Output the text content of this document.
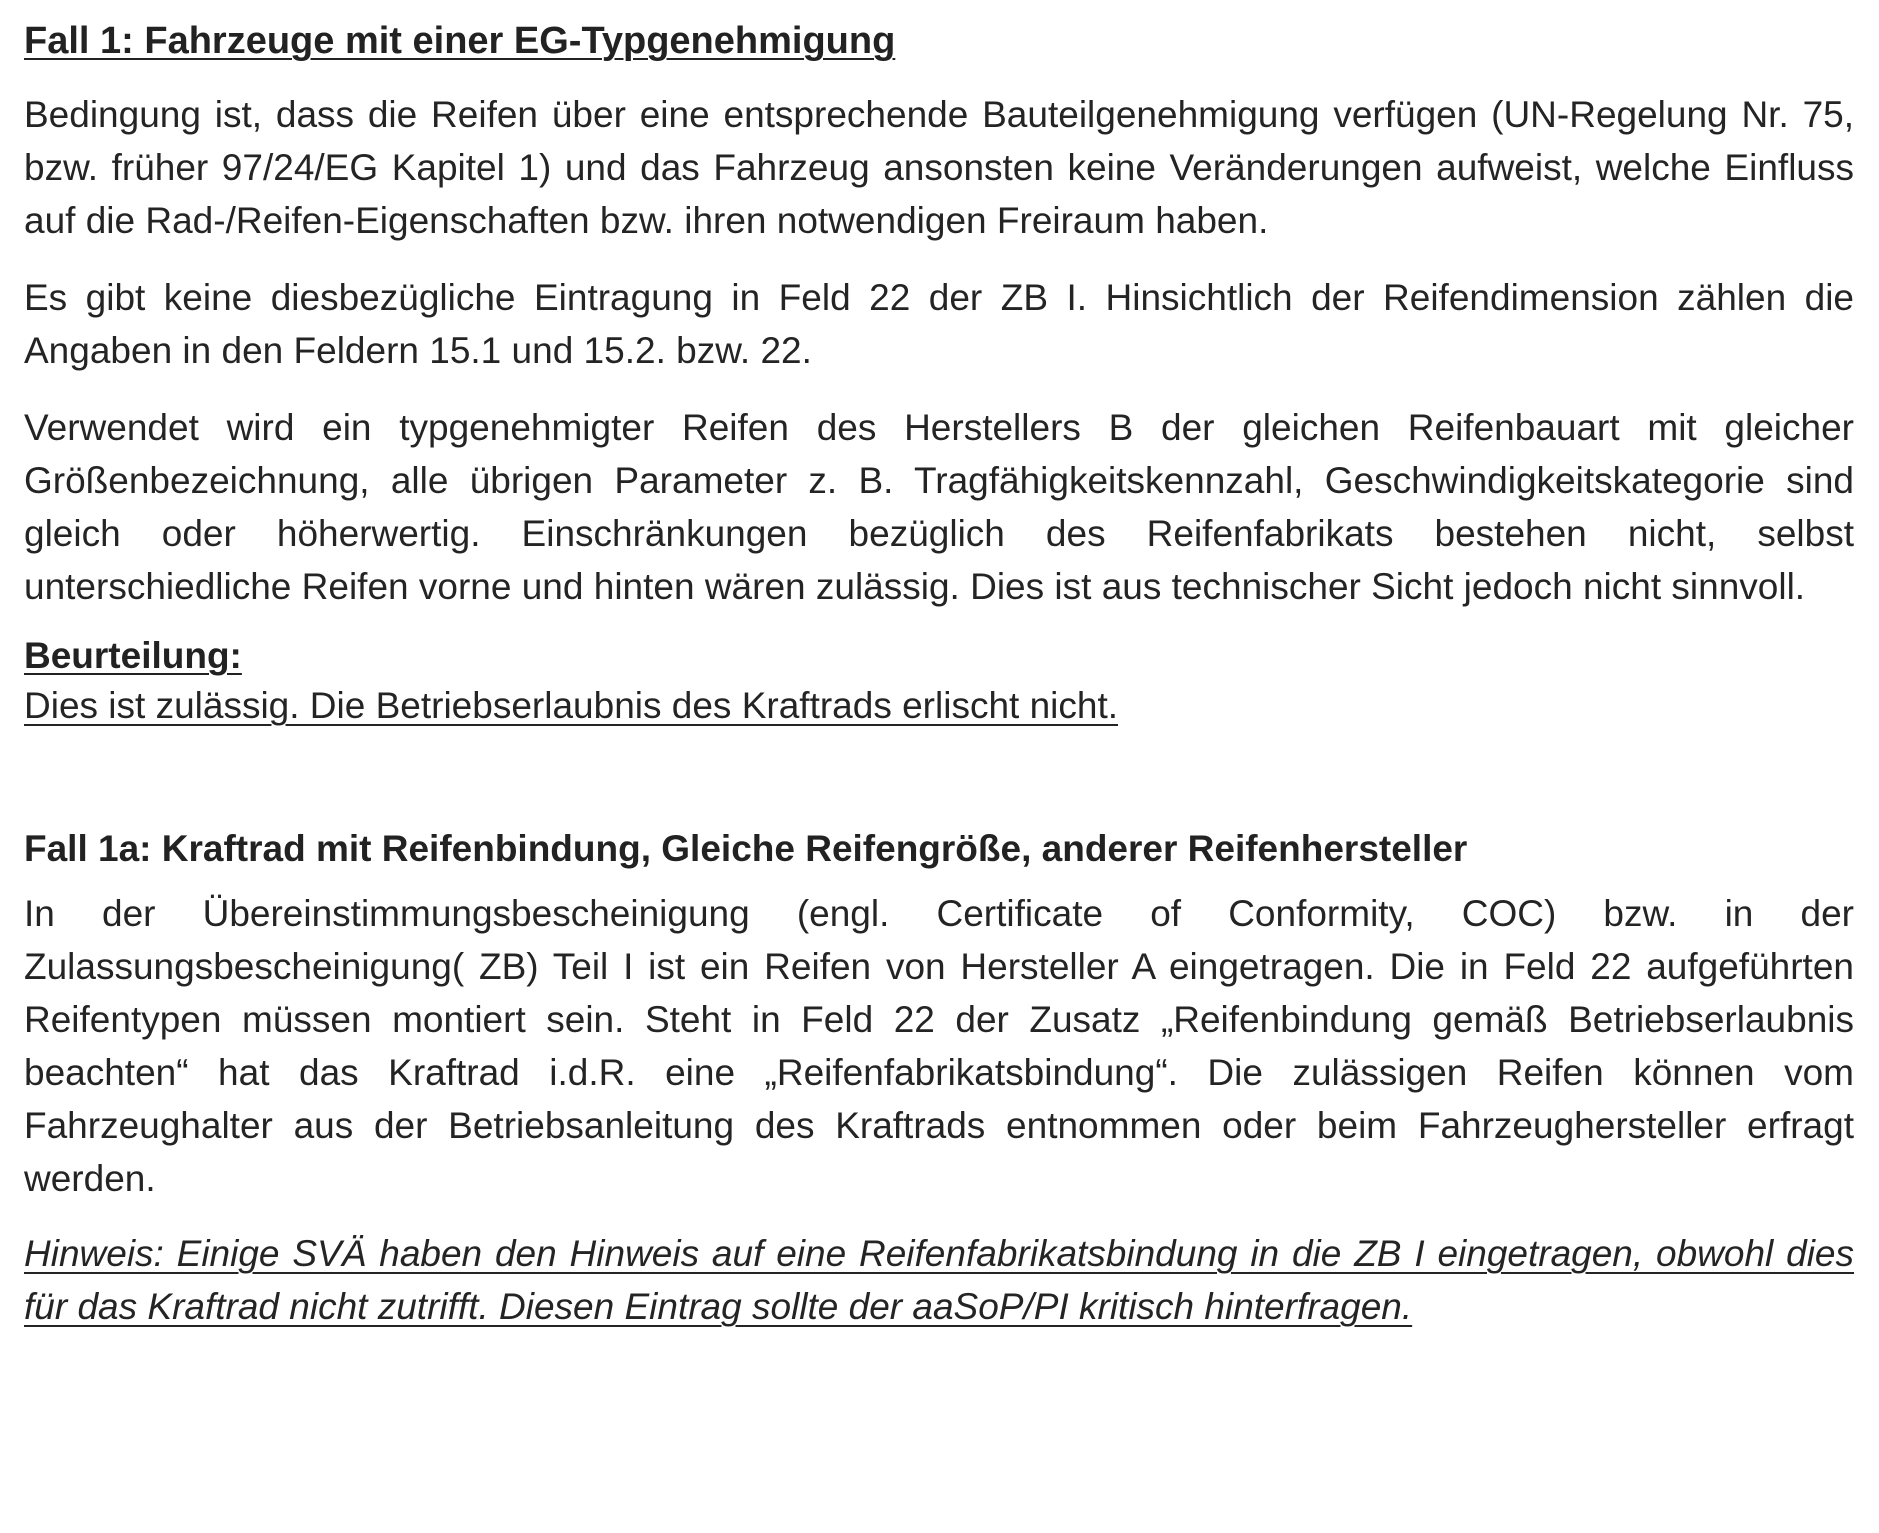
Fall 1: Fahrzeuge mit einer EG-Typgenehmigung

Bedingung ist, dass die Reifen über eine entsprechende Bauteilgenehmigung verfügen (UN-Regelung Nr. 75, bzw. früher 97/24/EG Kapitel 1) und das Fahrzeug ansonsten keine Veränderungen aufweist, welche Einfluss auf die Rad-/Reifen-Eigenschaften bzw. ihren notwendigen Freiraum haben.

Es gibt keine diesbezügliche Eintragung in Feld 22 der ZB I. Hinsichtlich der Reifendimension zählen die Angaben in den Feldern 15.1 und 15.2. bzw. 22.

Verwendet wird ein typgenehmigter Reifen des Herstellers B der gleichen Reifenbauart mit gleicher Größenbezeichnung, alle übrigen Parameter z. B. Tragfähigkeitskennzahl, Geschwindigkeitskategorie sind gleich oder höherwertig. Einschränkungen bezüglich des Reifenfabrikats bestehen nicht, selbst unterschiedliche Reifen vorne und hinten wären zulässig. Dies ist aus technischer Sicht jedoch nicht sinnvoll.

Beurteilung:
Dies ist zulässig. Die Betriebserlaubnis des Kraftrads erlischt nicht.
Fall 1a: Kraftrad mit Reifenbindung, Gleiche Reifengröße, anderer Reifenhersteller

In der Übereinstimmungsbescheinigung (engl. Certificate of Conformity, COC) bzw. in der Zulassungsbescheinigung( ZB) Teil I ist ein Reifen von Hersteller A eingetragen. Die in Feld 22 aufgeführten Reifentypen müssen montiert sein. Steht in Feld 22 der Zusatz „Reifenbindung gemäß Betriebserlaubnis beachten“ hat das Kraftrad i.d.R. eine „Reifenfabrikatsbindung“. Die zulässigen Reifen können vom Fahrzeughalter aus der Betriebsanleitung des Kraftrads entnommen oder beim Fahrzeughersteller erfragt werden.

Hinweis: Einige SVÄ haben den Hinweis auf eine Reifenfabrikatsbindung in die ZB I eingetragen, obwohl dies für das Kraftrad nicht zutrifft. Diesen Eintrag sollte der aaSoP/PI kritisch hinterfragen.
